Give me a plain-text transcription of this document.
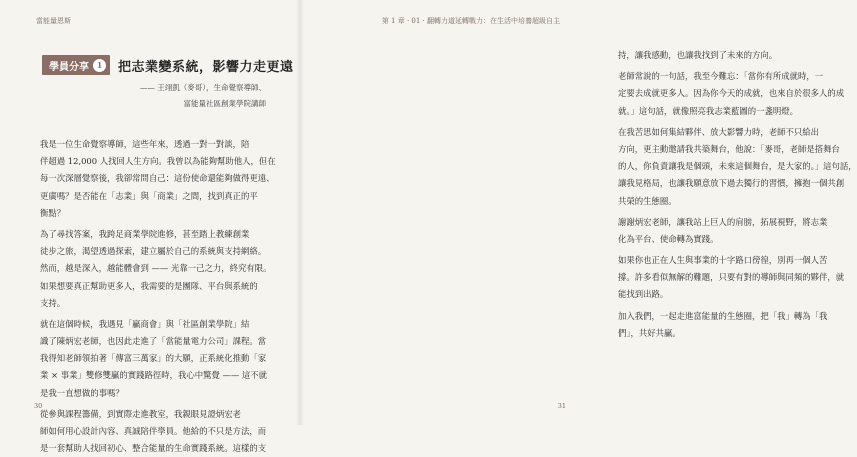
當能量恩斯
學員分享 1 把志業變系統，影響力走更遠
—— 王翊凱（麥哥），生命覺察導師、
富能量社區創業學院講師
我是一位生命覺察導師，這些年來，透過一對一對談，陪
伴超過 12,000 人找回人生方向。我曾以為能夠幫助他人，但在
每一次深層覺察後，我卻常問自己：這份使命還能夠做得更遠、
更廣嗎？是否能在「志業」與「商業」之間，找到真正的平
衡點？
為了尋找答案，我跨足商業學院進修，甚至踏上教練創業
徒步之旅，渴望透過探索，建立屬於自己的系統與支持網絡。
然而，越是深入，越能體會到 —— 光靠一己之力，終究有限。
如果想要真正幫助更多人，我需要的是團隊、平台與系統的
支持。
就在這個時候，我遇見「贏商會」與「社區創業學院」結
識了陳炳宏老師，也因此走進了「當能量電力公司」課程。當
我得知老師領拍著「傳富三萬家」的大願，正系統化推動「家
業 × 事業」雙修雙贏的實踐路徑時，我心中驚覺 —— 這不就
是我一直想做的事嗎？
從參與課程籌備，到實際走進教室，我親眼見證炳宏老
師如何用心設計內容、真誠陪伴學員。他給的不只是方法，而
是一套幫助人找回初心、整合能量的生命實踐系統。這樣的支
30
第 1 章 · 01 · 翻轉力道延轉戰力：在生活中培養超級自主
持，讓我感動，也讓我找到了未來的方向。
老師常說的一句話，我至今難忘：「當你有所成就時，一
定要去成就更多人。因為你今天的成就，也來自於很多人的成
就。」這句話，就像照亮我志業藍圖的一盞明燈。
在我苦思如何集結夥伴、放大影響力時，老師不只給出
方向，更主動邀請我共築舞台，他說：「麥哥，老師是搭舞台
的人，你負責讓我是個頭，未來這個舞台，是大家的。」這句話，
讓我見格局，也讓我願意放下過去獨行的習慣，擁抱一個共創
共榮的生態圈。
謝謝炳宏老師，讓我站上巨人的肩膀，拓展視野，將志業
化為平台、使命轉為實踐。
如果你也正在人生與事業的十字路口徬徨，別再一個人苦
撐。許多看似無解的難題，只要有對的導師與同頻的夥伴，就
能找到出路。
加入我們，一起走進富能量的生態圈，把「我」轉為「我
們」，共好共贏。
31
